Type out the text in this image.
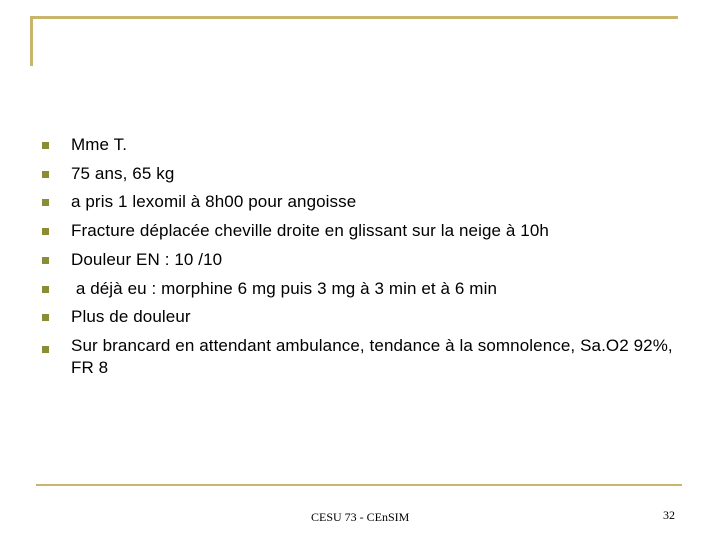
Mme T.
75 ans, 65 kg
a pris 1 lexomil à 8h00 pour angoisse
Fracture déplacée cheville droite en glissant sur la neige à 10h
Douleur EN : 10 /10
a déjà eu : morphine 6 mg puis 3 mg à 3 min et à 6 min
Plus de douleur
Sur brancard en attendant ambulance, tendance à la somnolence, Sa.O2 92%, FR 8
CESU 73 - CEnSIM	32
